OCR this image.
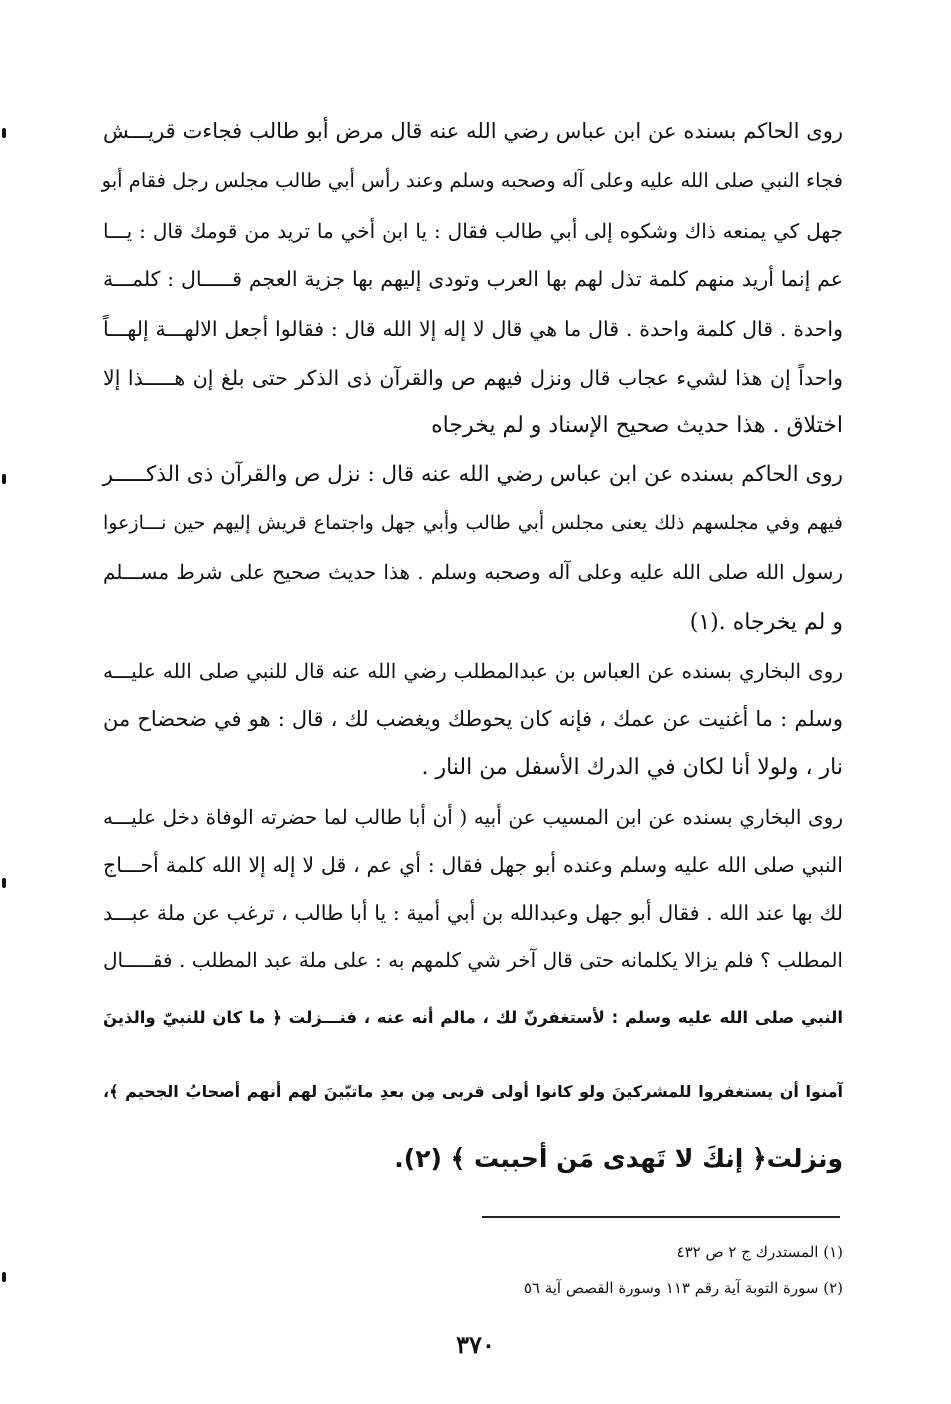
روى الحاكم بسنده عن ابن عباس رضي الله عنه قال مرض أبو طالب فجاءت قريـــش
فجاء النبي صلى الله عليه وعلى آله وصحبه وسلم وعند رأس أبي طالب مجلس رجل فقام أبو
جهل كي يمنعه ذاك وشكوه إلى أبي طالب فقال : يا ابن أخي ما تريد من قومك قال : يـــا
عم إنما أريد منهم كلمة تذل لهم بها العرب وتودى إليهم بها جزية العجم قـــــال : كلمـــة
واحدة . قال كلمة واحدة . قال ما هي قال لا إله إلا الله قال : فقالوا أجعل الالهـــة إلهـــاً
واحداً إن هذا لشيء عجاب قال ونزل فيهم ص والقرآن ذى الذكر حتى بلغ إن هـــــذا إلا
اختلاق . هذا حديث صحيح الإسناد و لم يخرجاه
روى الحاكم بسنده عن ابن عباس رضي الله عنه قال : نزل ص والقرآن ذى الذكـــــر
فيهم وفي مجلسهم ذلك يعنى مجلس أبي طالب وأبي جهل واجتماع قريش إليهم حين نـــازعوا
رسول الله صلى الله عليه وعلى آله وصحبه وسلم . هذا حديث صحيح على شرط مســـلم
و لم يخرجاه .(١)
روى البخاري بسنده عن العباس بن عبدالمطلب رضي الله عنه قال للنبي صلى الله عليـــه
وسلم : ما أغنيت عن عمك ، فإنه كان يحوطك ويغضب لك ، قال : هو في ضحضاح من
نار ، ولولا أنا لكان في الدرك الأسفل من النار .
روى البخاري بسنده عن ابن المسيب عن أبيه ( أن أبا طالب لما حضرته الوفاة دخل عليـــه
النبي صلى الله عليه وسلم وعنده أبو جهل فقال : أي عم ، قل لا إله إلا الله كلمة أحـــاج
لك بها عند الله . فقال أبو جهل وعبدالله بن أبي أمية : يا أبا طالب ، ترغب عن ملة عبـــد
المطلب ؟ فلم يزالا يكلمانه حتى قال آخر شي كلمهم به : على ملة عبد المطلب . فقـــــال
النبي صلى الله عليه وسلم : لأستغفرنّ لك ، مالم أنه عنه ، فنـــزلت ﴿ ما كان للنبيّ والذينَ
آمنوا أن يستغفروا للمشركينَ ولو كانوا أولى قربى مِن بعدِ ماتبّينَ لهم أنهم أصحابُ الجحيم ﴾،
ونزلت﴿ إنكَ لا تَهدى مَن أحببت ﴾ (٢).
(١) المستدرك ج ٢ ص ٤٣٢
(٢) سورة التوبة آية رقم ١١٣ وسورة القصص آية ٥٦
٣٧٠
